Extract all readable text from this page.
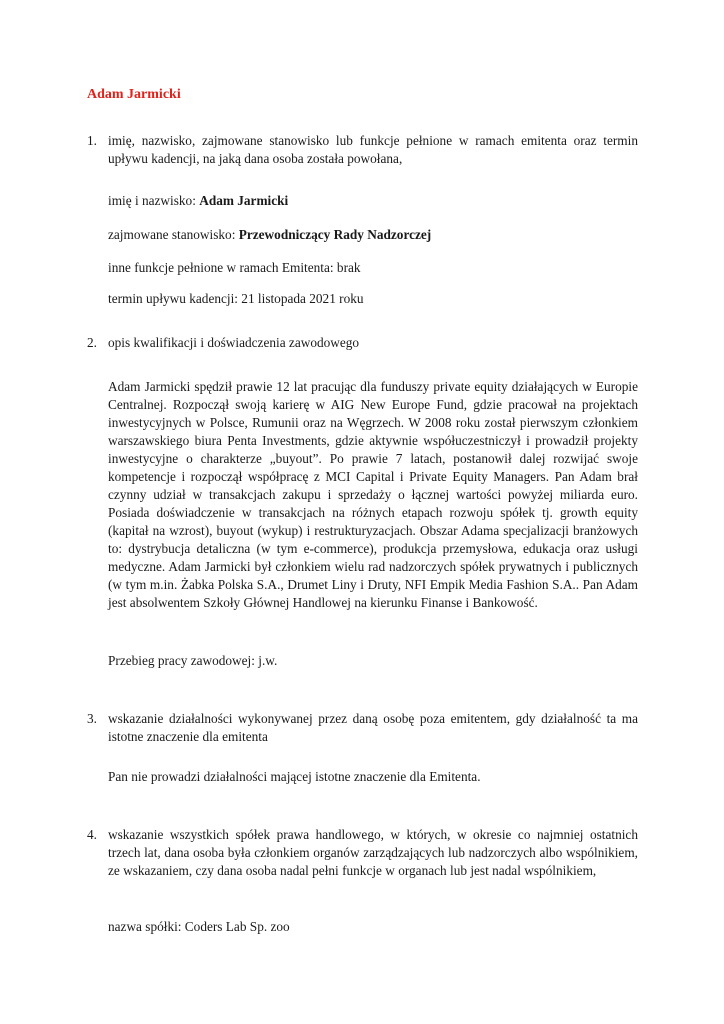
Adam Jarmicki
1. imię, nazwisko, zajmowane stanowisko lub funkcje pełnione w ramach emitenta oraz termin upływu kadencji, na jaką dana osoba została powołana,
imię i nazwisko: Adam Jarmicki
zajmowane stanowisko: Przewodniczący Rady Nadzorczej
inne funkcje pełnione w ramach Emitenta: brak
termin upływu kadencji: 21 listopada 2021 roku
2. opis kwalifikacji i doświadczenia zawodowego
Adam Jarmicki spędził prawie 12 lat pracując dla funduszy private equity działających w Europie Centralnej. Rozpoczął swoją karierę w AIG New Europe Fund, gdzie pracował na projektach inwestycyjnych w Polsce, Rumunii oraz na Węgrzech. W 2008 roku został pierwszym członkiem warszawskiego biura Penta Investments, gdzie aktywnie współuczestniczył i prowadził projekty inwestycyjne o charakterze „buyout”. Po prawie 7 latach, postanowił dalej rozwijać swoje kompetencje i rozpoczął współpracę z MCI Capital i Private Equity Managers. Pan Adam brał czynny udział w transakcjach zakupu i sprzedaży o łącznej wartości powyżej miliarda euro. Posiada doświadczenie w transakcjach na różnych etapach rozwoju spółek tj. growth equity (kapitał na wzrost), buyout (wykup) i restrukturyzacjach. Obszar Adama specjalizacji branżowych to: dystrybucja detaliczna (w tym e-commerce), produkcja przemysłowa, edukacja oraz usługi medyczne. Adam Jarmicki był członkiem wielu rad nadzorczych spółek prywatnych i publicznych (w tym m.in. Żabka Polska S.A., Drumet Liny i Druty, NFI Empik Media Fashion S.A.. Pan Adam jest absolwentem Szkoły Głównej Handlowej na kierunku Finanse i Bankowość.
Przebieg pracy zawodowej: j.w.
3. wskazanie działalności wykonywanej przez daną osobę poza emitentem, gdy działalność ta ma istotne znaczenie dla emitenta
Pan nie prowadzi działalności mającej istotne znaczenie dla Emitenta.
4. wskazanie wszystkich spółek prawa handlowego, w których, w okresie co najmniej ostatnich trzech lat, dana osoba była członkiem organów zarządzających lub nadzorczych albo wspólnikiem, ze wskazaniem, czy dana osoba nadal pełni funkcje w organach lub jest nadal wspólnikiem,
nazwa spółki: Coders Lab Sp. zoo
